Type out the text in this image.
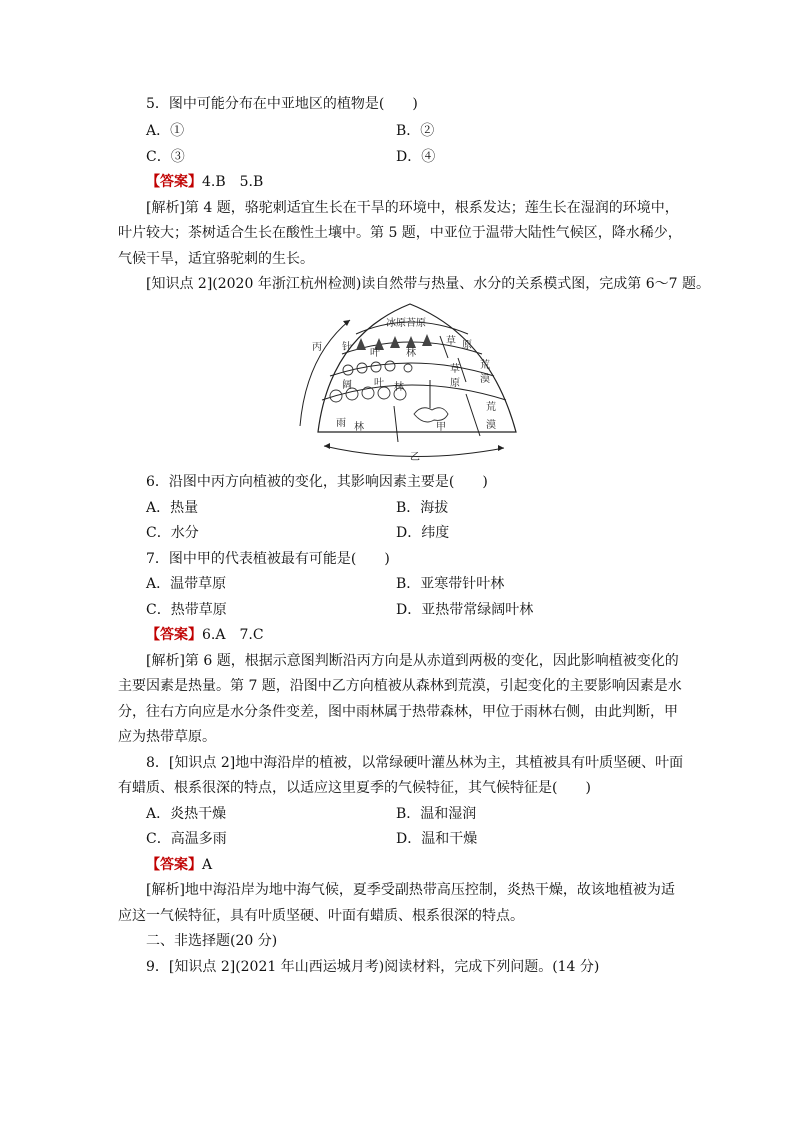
5．图中可能分布在中亚地区的植物是(　　)
A．①	B．②
C．③	D．④
【答案】4.B　5.B
[解析]第 4 题，骆驼刺适宜生长在干旱的环境中，根系发达；莲生长在湿润的环境中，
叶片较大；茶树适合生长在酸性土壤中。第 5 题，中亚位于温带大陆性气候区，降水稀少，
气候干旱，适宜骆驼刺的生长。
[知识点 2](2020 年浙江杭州检测)读自然带与热量、水分的关系模式图，完成第 6～7 题。
冰原苔原
针
叶	林
草 原
阔 叶 林
草
原
荒
漠
雨 林	甲
荒
漠
丙
乙
6．沿图中丙方向植被的变化，其影响因素主要是(　　)
A．热量	B．海拔
C．水分	D．纬度
7．图中甲的代表植被最有可能是(　　)
A．温带草原	B．亚寒带针叶林
C．热带草原	D．亚热带常绿阔叶林
【答案】6.A　7.C
[解析]第 6 题，根据示意图判断沿丙方向是从赤道到两极的变化，因此影响植被变化的
主要因素是热量。第 7 题，沿图中乙方向植被从森林到荒漠，引起变化的主要影响因素是水
分，往右方向应是水分条件变差，图中雨林属于热带森林，甲位于雨林右侧，由此判断，甲
应为热带草原。
8．[知识点 2]地中海沿岸的植被，以常绿硬叶灌丛林为主，其植被具有叶质坚硬、叶面
有蜡质、根系很深的特点，以适应这里夏季的气候特征，其气候特征是(　　)
A．炎热干燥	B．温和湿润
C．高温多雨	D．温和干燥
【答案】A
[解析]地中海沿岸为地中海气候，夏季受副热带高压控制，炎热干燥，故该地植被为适
应这一气候特征，具有叶质坚硬、叶面有蜡质、根系很深的特点。
二、非选择题(20 分)
9．[知识点 2](2021 年山西运城月考)阅读材料，完成下列问题。(14 分)
